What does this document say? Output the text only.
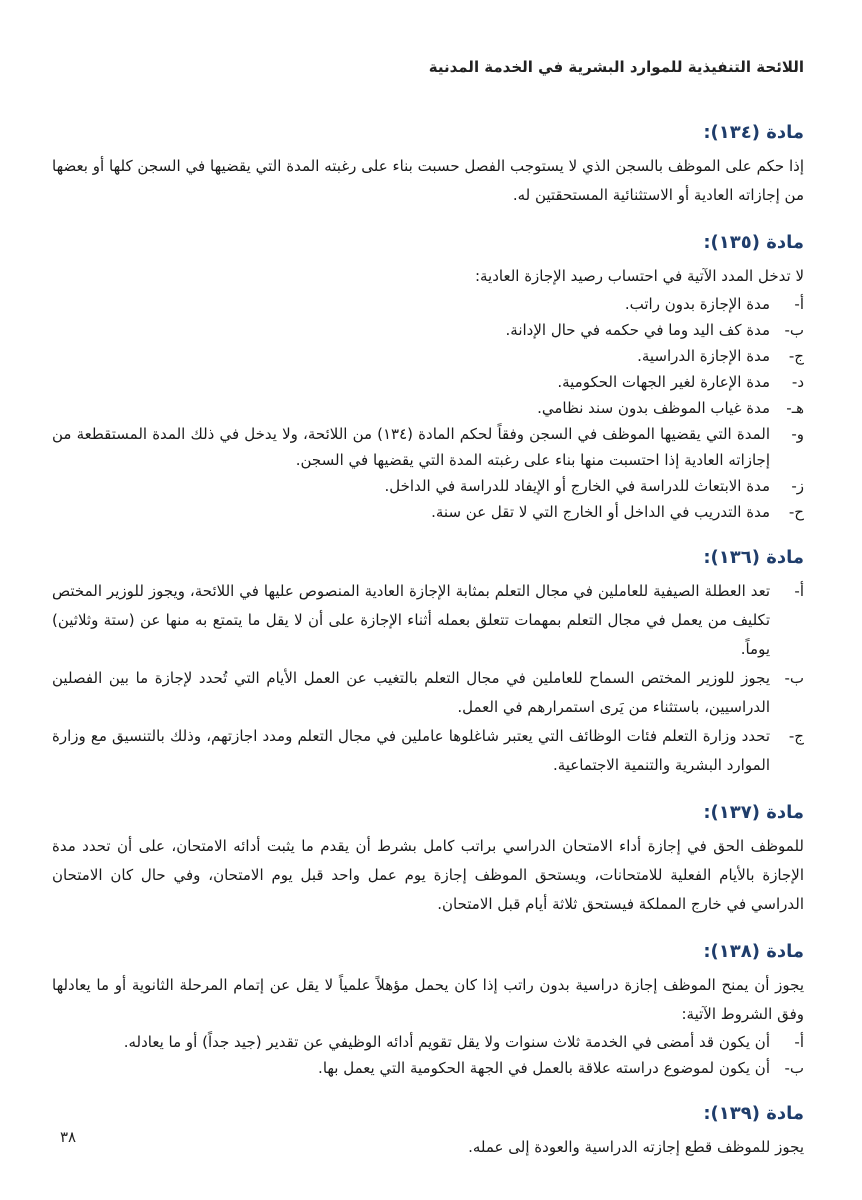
اللائحة التنفيذية للموارد البشرية في الخدمة المدنية
مادة (١٣٤):

إذا حكم على الموظف بالسجن الذي لا يستوجب الفصل حسبت بناء على رغبته المدة التي يقضيها في السجن كلها أو بعضها من إجازاته العادية أو الاستثنائية المستحقتين له.

مادة (١٣٥):

لا تدخل المدد الآتية في احتساب رصيد الإجازة العادية:

أ-
مدة الإجازة بدون راتب.
ب-
مدة كف اليد وما في حكمه في حال الإدانة.
ج-
مدة الإجازة الدراسية.
د-
مدة الإعارة لغير الجهات الحكومية.
هـ-
مدة غياب الموظف بدون سند نظامي.
و-
المدة التي يقضيها الموظف في السجن وفقاً لحكم المادة (١٣٤) من اللائحة، ولا يدخل في ذلك المدة المستقطعة من إجازاته العادية إذا احتسبت منها بناء على رغبته المدة التي يقضيها في السجن.
ز-
مدة الابتعاث للدراسة في الخارج أو الإيفاد للدراسة في الداخل.
ح-
مدة التدريب في الداخل أو الخارج التي لا تقل عن سنة.
مادة (١٣٦):
أ-
تعد العطلة الصيفية للعاملين في مجال التعلم بمثابة الإجازة العادية المنصوص عليها في اللائحة، ويجوز للوزير المختص تكليف من يعمل في مجال التعلم بمهمات تتعلق بعمله أثناء الإجازة على أن لا يقل ما يتمتع به منها عن (ستة وثلاثين) يوماً.
ب-
يجوز للوزير المختص السماح للعاملين في مجال التعلم بالتغيب عن العمل الأيام التي تُحدد لإجازة ما بين الفصلين الدراسيين، باستثناء من يَرى استمرارهم في العمل.
ج-
تحدد وزارة التعلم فئات الوظائف التي يعتبر شاغلوها عاملين في مجال التعلم ومدد اجازتهم، وذلك بالتنسيق مع وزارة الموارد البشرية والتنمية الاجتماعية.
مادة (١٣٧):

للموظف الحق في إجازة أداء الامتحان الدراسي براتب كامل بشرط أن يقدم ما يثبت أدائه الامتحان، على أن تحدد مدة الإجازة بالأيام الفعلية للامتحانات، ويستحق الموظف إجازة يوم عمل واحد قبل يوم الامتحان، وفي حال كان الامتحان الدراسي في خارج المملكة فيستحق ثلاثة أيام قبل الامتحان.

مادة (١٣٨):

يجوز أن يمنح الموظف إجازة دراسية بدون راتب إذا كان يحمل مؤهلاً علمياً لا يقل عن إتمام المرحلة الثانوية أو ما يعادلها وفق الشروط الآتية:

أ-
أن يكون قد أمضى في الخدمة ثلاث سنوات ولا يقل تقويم أدائه الوظيفي عن تقدير (جيد جداً) أو ما يعادله.
ب-
أن يكون لموضوع دراسته علاقة بالعمل في الجهة الحكومية التي يعمل بها.
مادة (١٣٩):

يجوز للموظف قطع إجازته الدراسية والعودة إلى عمله.

٣٨
